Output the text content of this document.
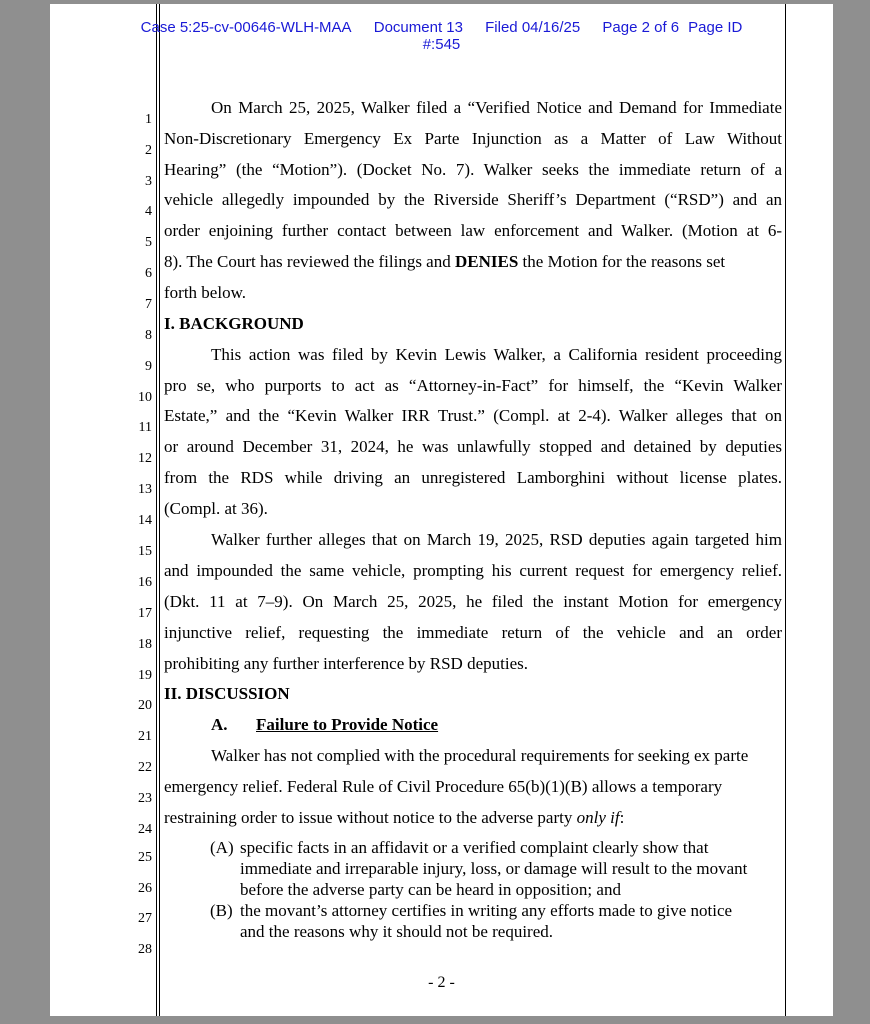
Case 5:25-cv-00646-WLH-MAA Document 13 Filed 04/16/25 Page 2 of 6 Page ID
#:545
1
2
3
4
5
6
7
8
9
10
11
12
13
14
15
16
17
18
19
20
21
22
23
24
25
26
27
28
On March 25, 2025, Walker filed a “Verified Notice and Demand for Immediate
Non-Discretionary Emergency Ex Parte Injunction as a Matter of Law Without
Hearing” (the “Motion”). (Docket No. 7). Walker seeks the immediate return of a
vehicle allegedly impounded by the Riverside Sheriff’s Department (“RSD”) and an
order enjoining further contact between law enforcement and Walker. (Motion at 6-
8). The Court has reviewed the filings and DENIES the Motion for the reasons set
forth below.
I. BACKGROUND
This action was filed by Kevin Lewis Walker, a California resident proceeding
pro se, who purports to act as “Attorney-in-Fact” for himself, the “Kevin Walker
Estate,” and the “Kevin Walker IRR Trust.” (Compl. at 2-4). Walker alleges that on
or around December 31, 2024, he was unlawfully stopped and detained by deputies
from the RDS while driving an unregistered Lamborghini without license plates.
(Compl. at 36).
Walker further alleges that on March 19, 2025, RSD deputies again targeted him
and impounded the same vehicle, prompting his current request for emergency relief.
(Dkt. 11 at 7–9). On March 25, 2025, he filed the instant Motion for emergency
injunctive relief, requesting the immediate return of the vehicle and an order
prohibiting any further interference by RSD deputies.
II. DISCUSSION
A. Failure to Provide Notice
Walker has not complied with the procedural requirements for seeking ex parte
emergency relief. Federal Rule of Civil Procedure 65(b)(1)(B) allows a temporary
restraining order to issue without notice to the adverse party only if:
(A) specific facts in an affidavit or a verified complaint clearly show that
immediate and irreparable injury, loss, or damage will result to the movant
before the adverse party can be heard in opposition; and
(B) the movant’s attorney certifies in writing any efforts made to give notice
and the reasons why it should not be required.
- 2 -
